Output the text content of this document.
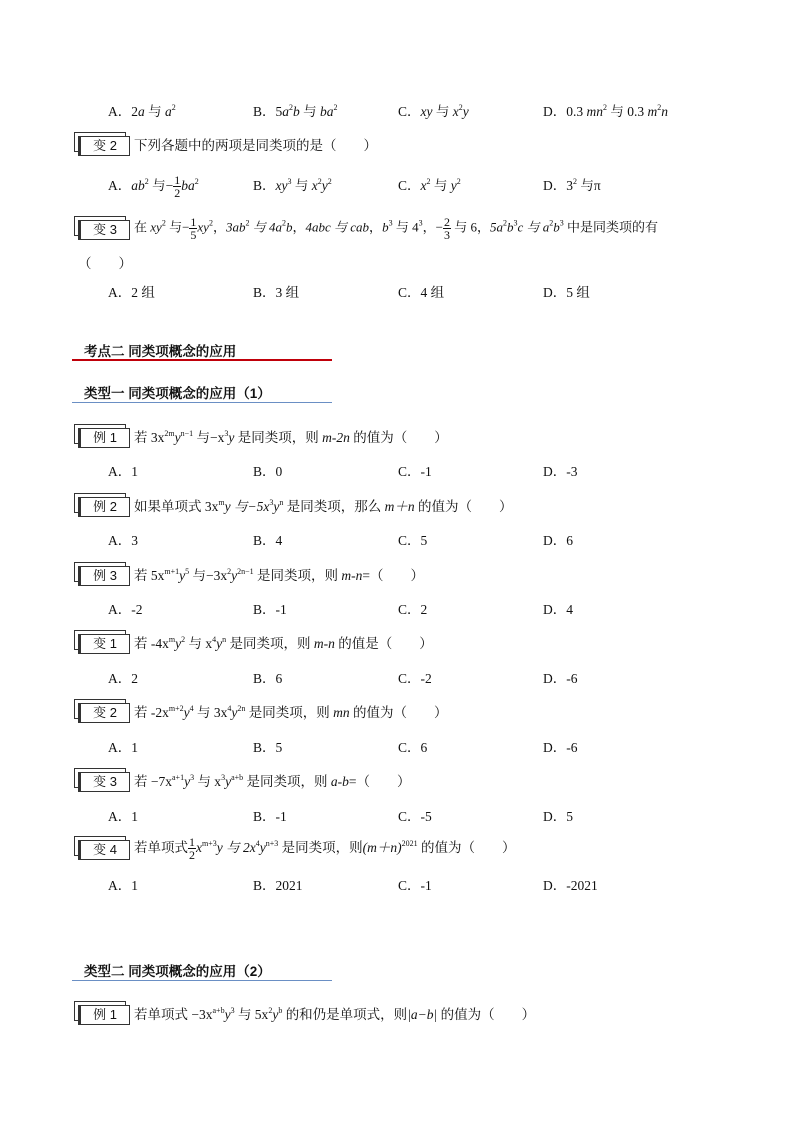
A．2a 与 $a^2$	B．$5a^2b$ 与 $ba^2$	C．xy 与 $x^2y$	D．0.3 $mn^2$ 与 0.3 $m^2n$
变 2	下列各题中的两项是同类项的是（　　）
A．$ab^2$ 与− $\frac{1}{2} ba^2$	B．$xy^3$ 与 $x^2y^2$	C．$x^2$ 与 $y^2$	D．$3^2$ 与π
变 3	在 $xy^2$ 与− $\frac{1}{5} xy^2$，$3ab^2$ 与 $4a^2b$，4abc 与 cab，$b^3$ 与 $4^3$，− $\frac{2}{3}$ 与 6，$5a^2b^3c$ 与 $a^2b^3$ 中是同类项的有
（　　）
A．2 组	B．3 组	C．4 组	D．5 组
考点二 同类项概念的应用
类型一 同类项概念的应用（1）
例 1	若 $3x^{2m}y^{n-1}$ 与$-x^3y$ 是同类项，则 m-2n 的值为（　　）
A．1	B．0	C．-1	D．-3
例 2	如果单项式 $3x^my$ 与$-5x^3y^n$ 是同类项，那么 m＋n 的值为（　　）
A．3	B．4	C．5	D．6
例 3	若 $5x^{m+1}y^5$ 与$-3x^2y^{2n-1}$ 是同类项，则 m-n=（　　）
A．-2	B．-1	C．2	D．4
变 1	若 $-4x^my^2$ 与 $x^4y^n$ 是同类项，则 m-n 的值是（　　）
A．2	B．6	C．-2	D．-6
变 2	若 $-2x^{m+2}y^4$ 与 $3x^4y^{2n}$ 是同类项，则 mn 的值为（　　）
A．1	B．5	C．6	D．-6
变 3	若 $-7x^{a+1}y^3$ 与 $x^3y^{a+b}$ 是同类项，则 a-b=（　　）
A．1	B．-1	C．-5	D．5
变 4	若单项式 $\frac{1}{2} x^{m+3}y$ 与 $2x^4y^{n+3}$ 是同类项，则$(m+n)^{2021}$ 的值为（　　）
A．1	B．2021	C．-1	D．-2021
类型二 同类项概念的应用（2）
例 1	若单项式 $-3x^{a+b}y^3$ 与 $5x^2y^b$ 的和仍是单项式，则|a−b| 的值为（　　）
